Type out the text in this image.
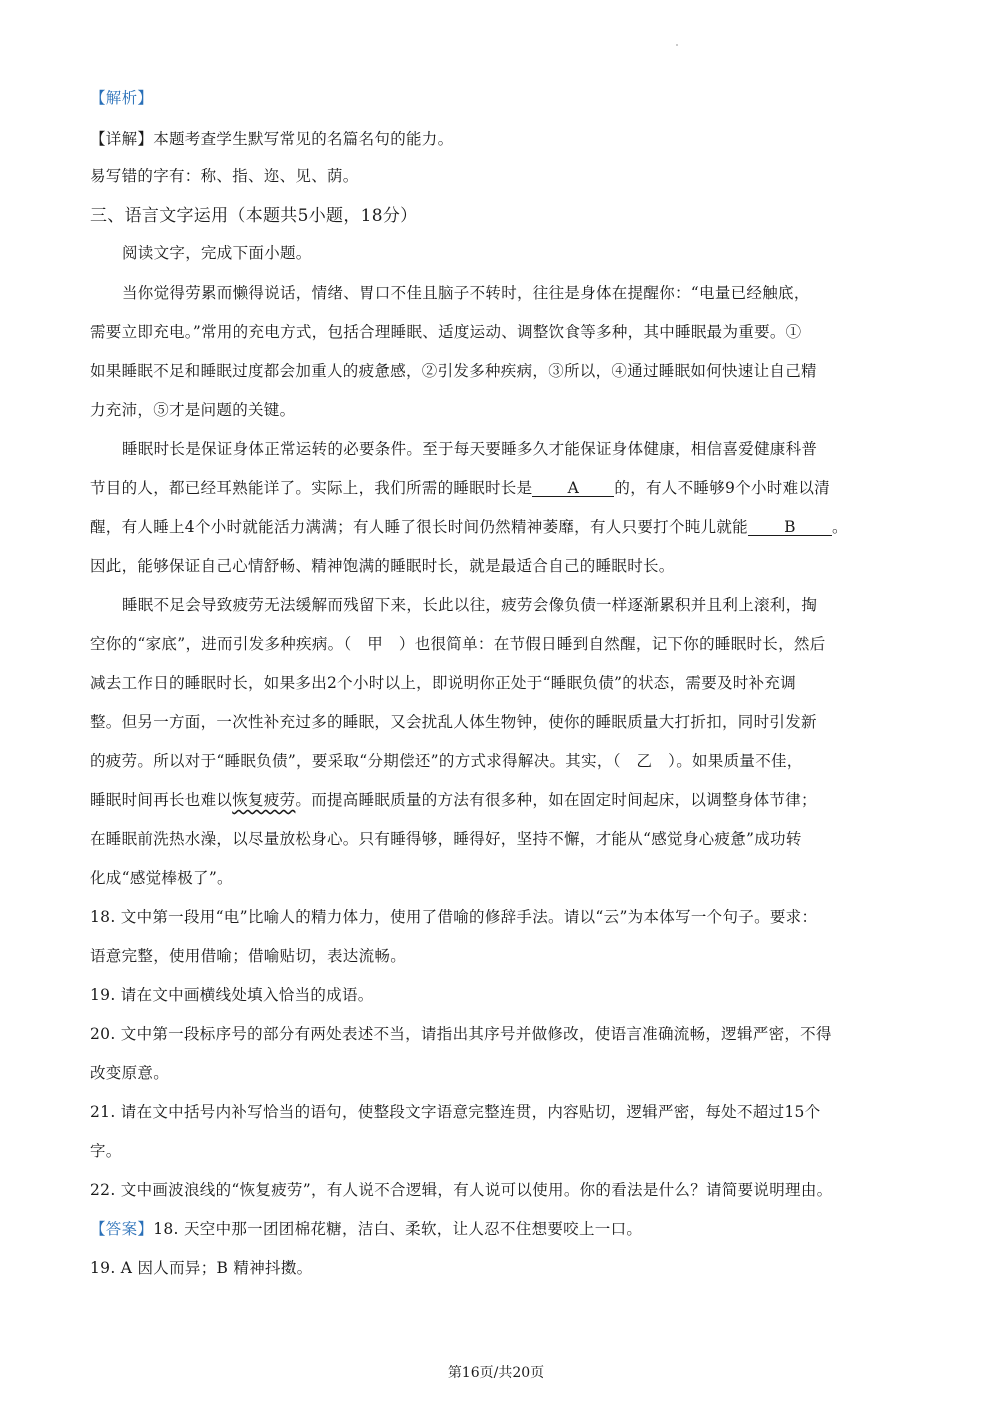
【解析】
【详解】本题考查学生默写常见的名篇名句的能力。
易写错的字有：称、指、迩、见、荫。
三、语言文字运用（本题共5小题，18分）
阅读文字，完成下面小题。
当你觉得劳累而懒得说话，情绪、胃口不佳且脑子不转时，往往是身体在提醒你：“电量已经触底，
需要立即充电。”常用的充电方式，包括合理睡眠、适度运动、调整饮食等多种，其中睡眠最为重要。①
如果睡眠不足和睡眠过度都会加重人的疲惫感，②引发多种疾病，③所以，④通过睡眠如何快速让自己精
力充沛，⑤才是问题的关键。
睡眠时长是保证身体正常运转的必要条件。至于每天要睡多久才能保证身体健康，相信喜爱健康科普
节目的人，都已经耳熟能详了。实际上，我们所需的睡眠时长是 A 的，有人不睡够9个小时难以清
醒，有人睡上4个小时就能活力满满；有人睡了很长时间仍然精神萎靡，有人只要打个盹儿就能 B 。
因此，能够保证自己心情舒畅、精神饱满的睡眠时长，就是最适合自己的睡眠时长。
睡眠不足会导致疲劳无法缓解而残留下来，长此以往，疲劳会像负债一样逐渐累积并且利上滚利，掏
空你的“家底”，进而引发多种疾病。（　甲　）也很简单：在节假日睡到自然醒，记下你的睡眠时长，然后
减去工作日的睡眠时长，如果多出2个小时以上，即说明你正处于“睡眠负债”的状态，需要及时补充调
整。但另一方面，一次性补充过多的睡眠，又会扰乱人体生物钟，使你的睡眠质量大打折扣，同时引发新
的疲劳。所以对于“睡眠负债”，要采取“分期偿还”的方式求得解决。其实，（　乙　）。如果质量不佳，
睡眠时间再长也难以恢复疲劳。而提高睡眠质量的方法有很多种，如在固定时间起床，以调整身体节律；
在睡眠前洗热水澡，以尽量放松身心。只有睡得够，睡得好，坚持不懈，才能从“感觉身心疲惫”成功转
化成“感觉棒极了”。
18. 文中第一段用“电”比喻人的精力体力，使用了借喻的修辞手法。请以“云”为本体写一个句子。要求：
语意完整，使用借喻；借喻贴切，表达流畅。
19. 请在文中画横线处填入恰当的成语。
20. 文中第一段标序号的部分有两处表述不当，请指出其序号并做修改，使语言准确流畅，逻辑严密，不得
改变原意。
21. 请在文中括号内补写恰当的语句，使整段文字语意完整连贯，内容贴切，逻辑严密，每处不超过15个
字。
22. 文中画波浪线的“恢复疲劳”，有人说不合逻辑，有人说可以使用。你的看法是什么？请简要说明理由。
【答案】18. 天空中那一团团棉花糖，洁白、柔软，让人忍不住想要咬上一口。
19. A 因人而异；B 精神抖擞。
第16页/共20页
